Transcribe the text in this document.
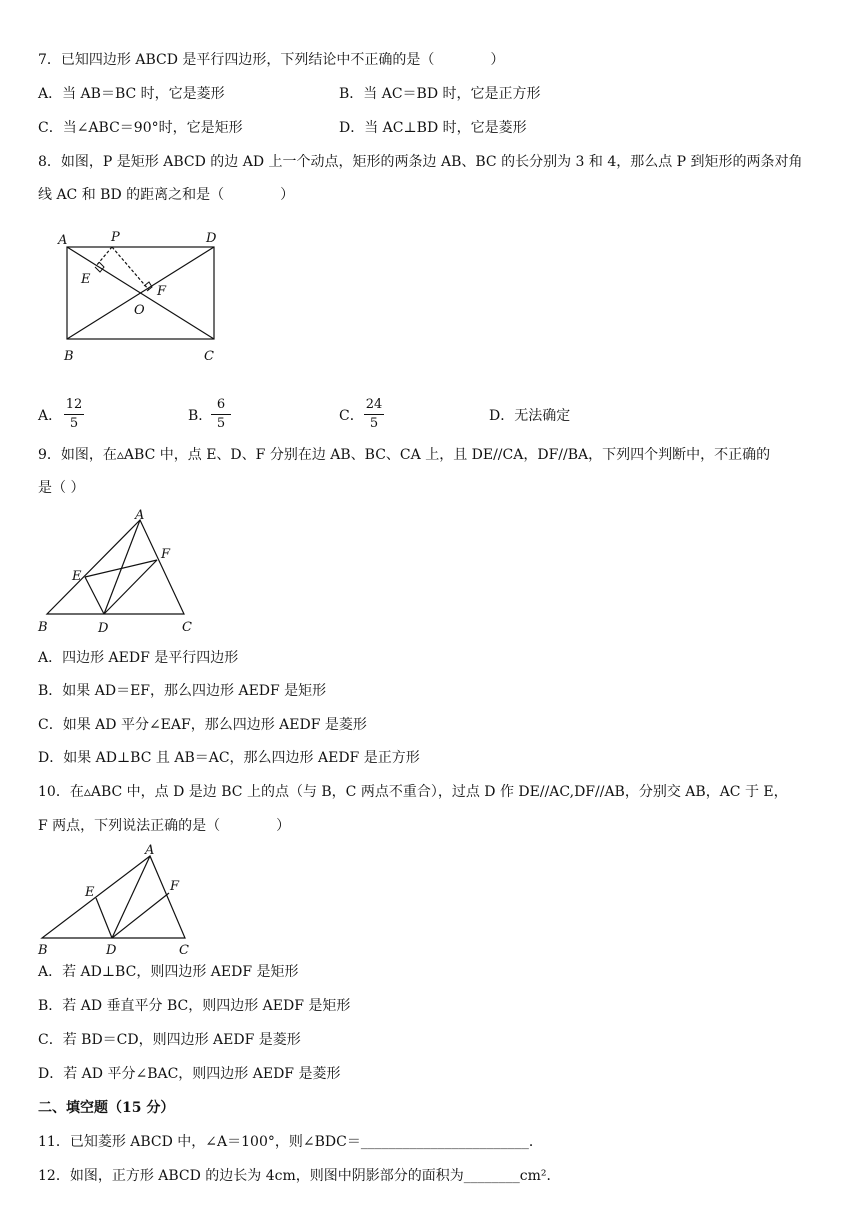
7．已知四边形 ABCD 是平行四边形，下列结论中不正确的是（　　　　）
A．当 AB＝BC 时，它是菱形	B．当 AC＝BD 时，它是正方形
C．当∠ABC＝90°时，它是矩形	D．当 AC⊥BD 时，它是菱形
8．如图，P 是矩形 ABCD 的边 AD 上一个动点，矩形的两条边 AB、BC 的长分别为 3 和 4，那么点 P 到矩形的两条对角
线 AC 和 BD 的距离之和是（　　　　）
A	P	D
E
F
O
B	C
A．
12
5	B．
6
5	C．
24
5	D．无法确定
9．如图，在▵ABC 中，点 E、D、F 分别在边 AB、BC、CA 上，且 DE//CA，DF//BA，下列四个判断中，不正确的
是（ ）
A
E
F
B	D	C
A．四边形 AEDF 是平行四边形
B．如果 AD＝EF，那么四边形 AEDF 是矩形
C．如果 AD 平分∠EAF，那么四边形 AEDF 是菱形
D．如果 AD⊥BC 且 AB＝AC，那么四边形 AEDF 是正方形
10．在▵ABC 中，点 D 是边 BC 上的点（与 B，C 两点不重合），过点 D 作 DE//AC,DF//AB，分别交 AB，AC 于 E，
F 两点，下列说法正确的是（　　　　）
A
E	F
B	D	C
A．若 AD⊥BC，则四边形 AEDF 是矩形
B．若 AD 垂直平分 BC，则四边形 AEDF 是矩形
C．若 BD＝CD，则四边形 AEDF 是菱形
D．若 AD 平分∠BAC，则四边形 AEDF 是菱形
二、填空题（15 分）
11．已知菱形 ABCD 中，∠A＝100°，则∠BDC＝________________________．
12．如图，正方形 ABCD 的边长为 4cm，则图中阴影部分的面积为________cm²．
